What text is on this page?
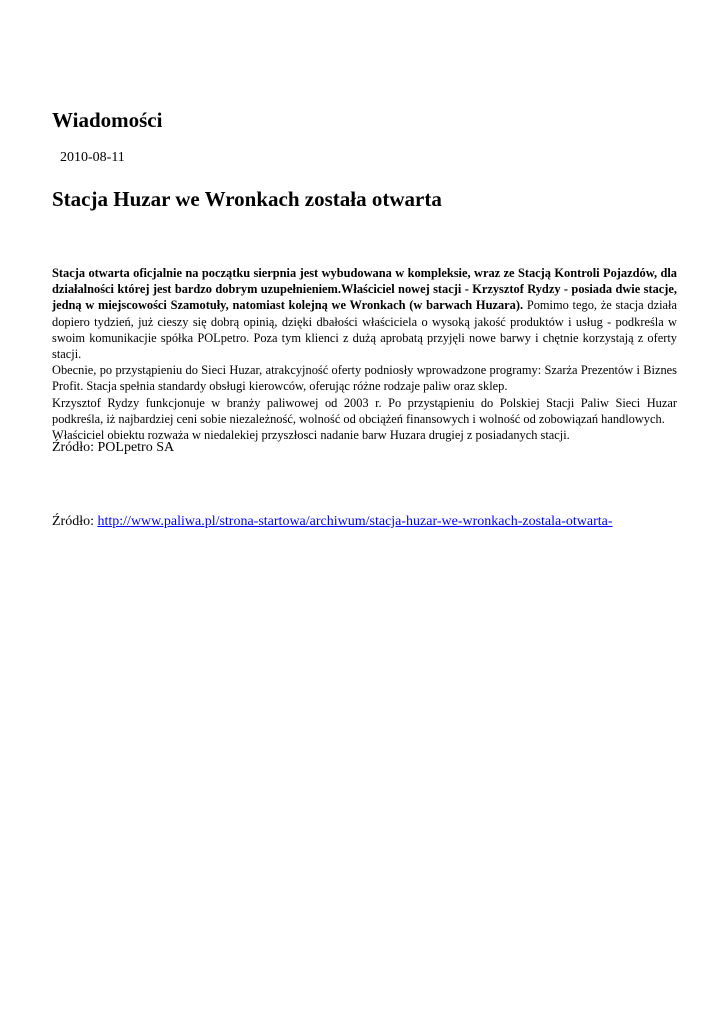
Wiadomości
2010-08-11
Stacja Huzar we Wronkach została otwarta
Stacja otwarta oficjalnie na początku sierpnia jest wybudowana w kompleksie, wraz ze Stacją Kontroli Pojazdów, dla działalności której jest bardzo dobrym uzupełnieniem.Właściciel nowej stacji - Krzysztof Rydzy - posiada dwie stacje, jedną w miejscowości Szamotuły, natomiast kolejną we Wronkach (w barwach Huzara). Pomimo tego, że stacja działa dopiero tydzień, już cieszy się dobrą opinią, dzięki dbałości właściciela o wysoką jakość produktów i usług - podkreśla w swoim komunikacjie spółka POLpetro. Poza tym klienci z dużą aprobatą przyjęli nowe barwy i chętnie korzystają z oferty stacji.
Obecnie, po przystąpieniu do Sieci Huzar, atrakcyjność oferty podniosły wprowadzone programy: Szarża Prezentów i Biznes Profit. Stacja spełnia standardy obsługi kierowców, oferując różne rodzaje paliw oraz sklep.
Krzysztof Rydzy funkcjonuje w branży paliwowej od 2003 r. Po przystąpieniu do Polskiej Stacji Paliw Sieci Huzar podkreśla, iż najbardziej ceni sobie niezależność, wolność od obciążeń finansowych i wolność od zobowiązań handlowych.
Właściciel obiektu rozważa w niedalekiej przyszłosci nadanie barw Huzara drugiej z posiadanych stacji.
Źródło: POLpetro SA
Źródło: http://www.paliwa.pl/strona-startowa/archiwum/stacja-huzar-we-wronkach-zostala-otwarta-
